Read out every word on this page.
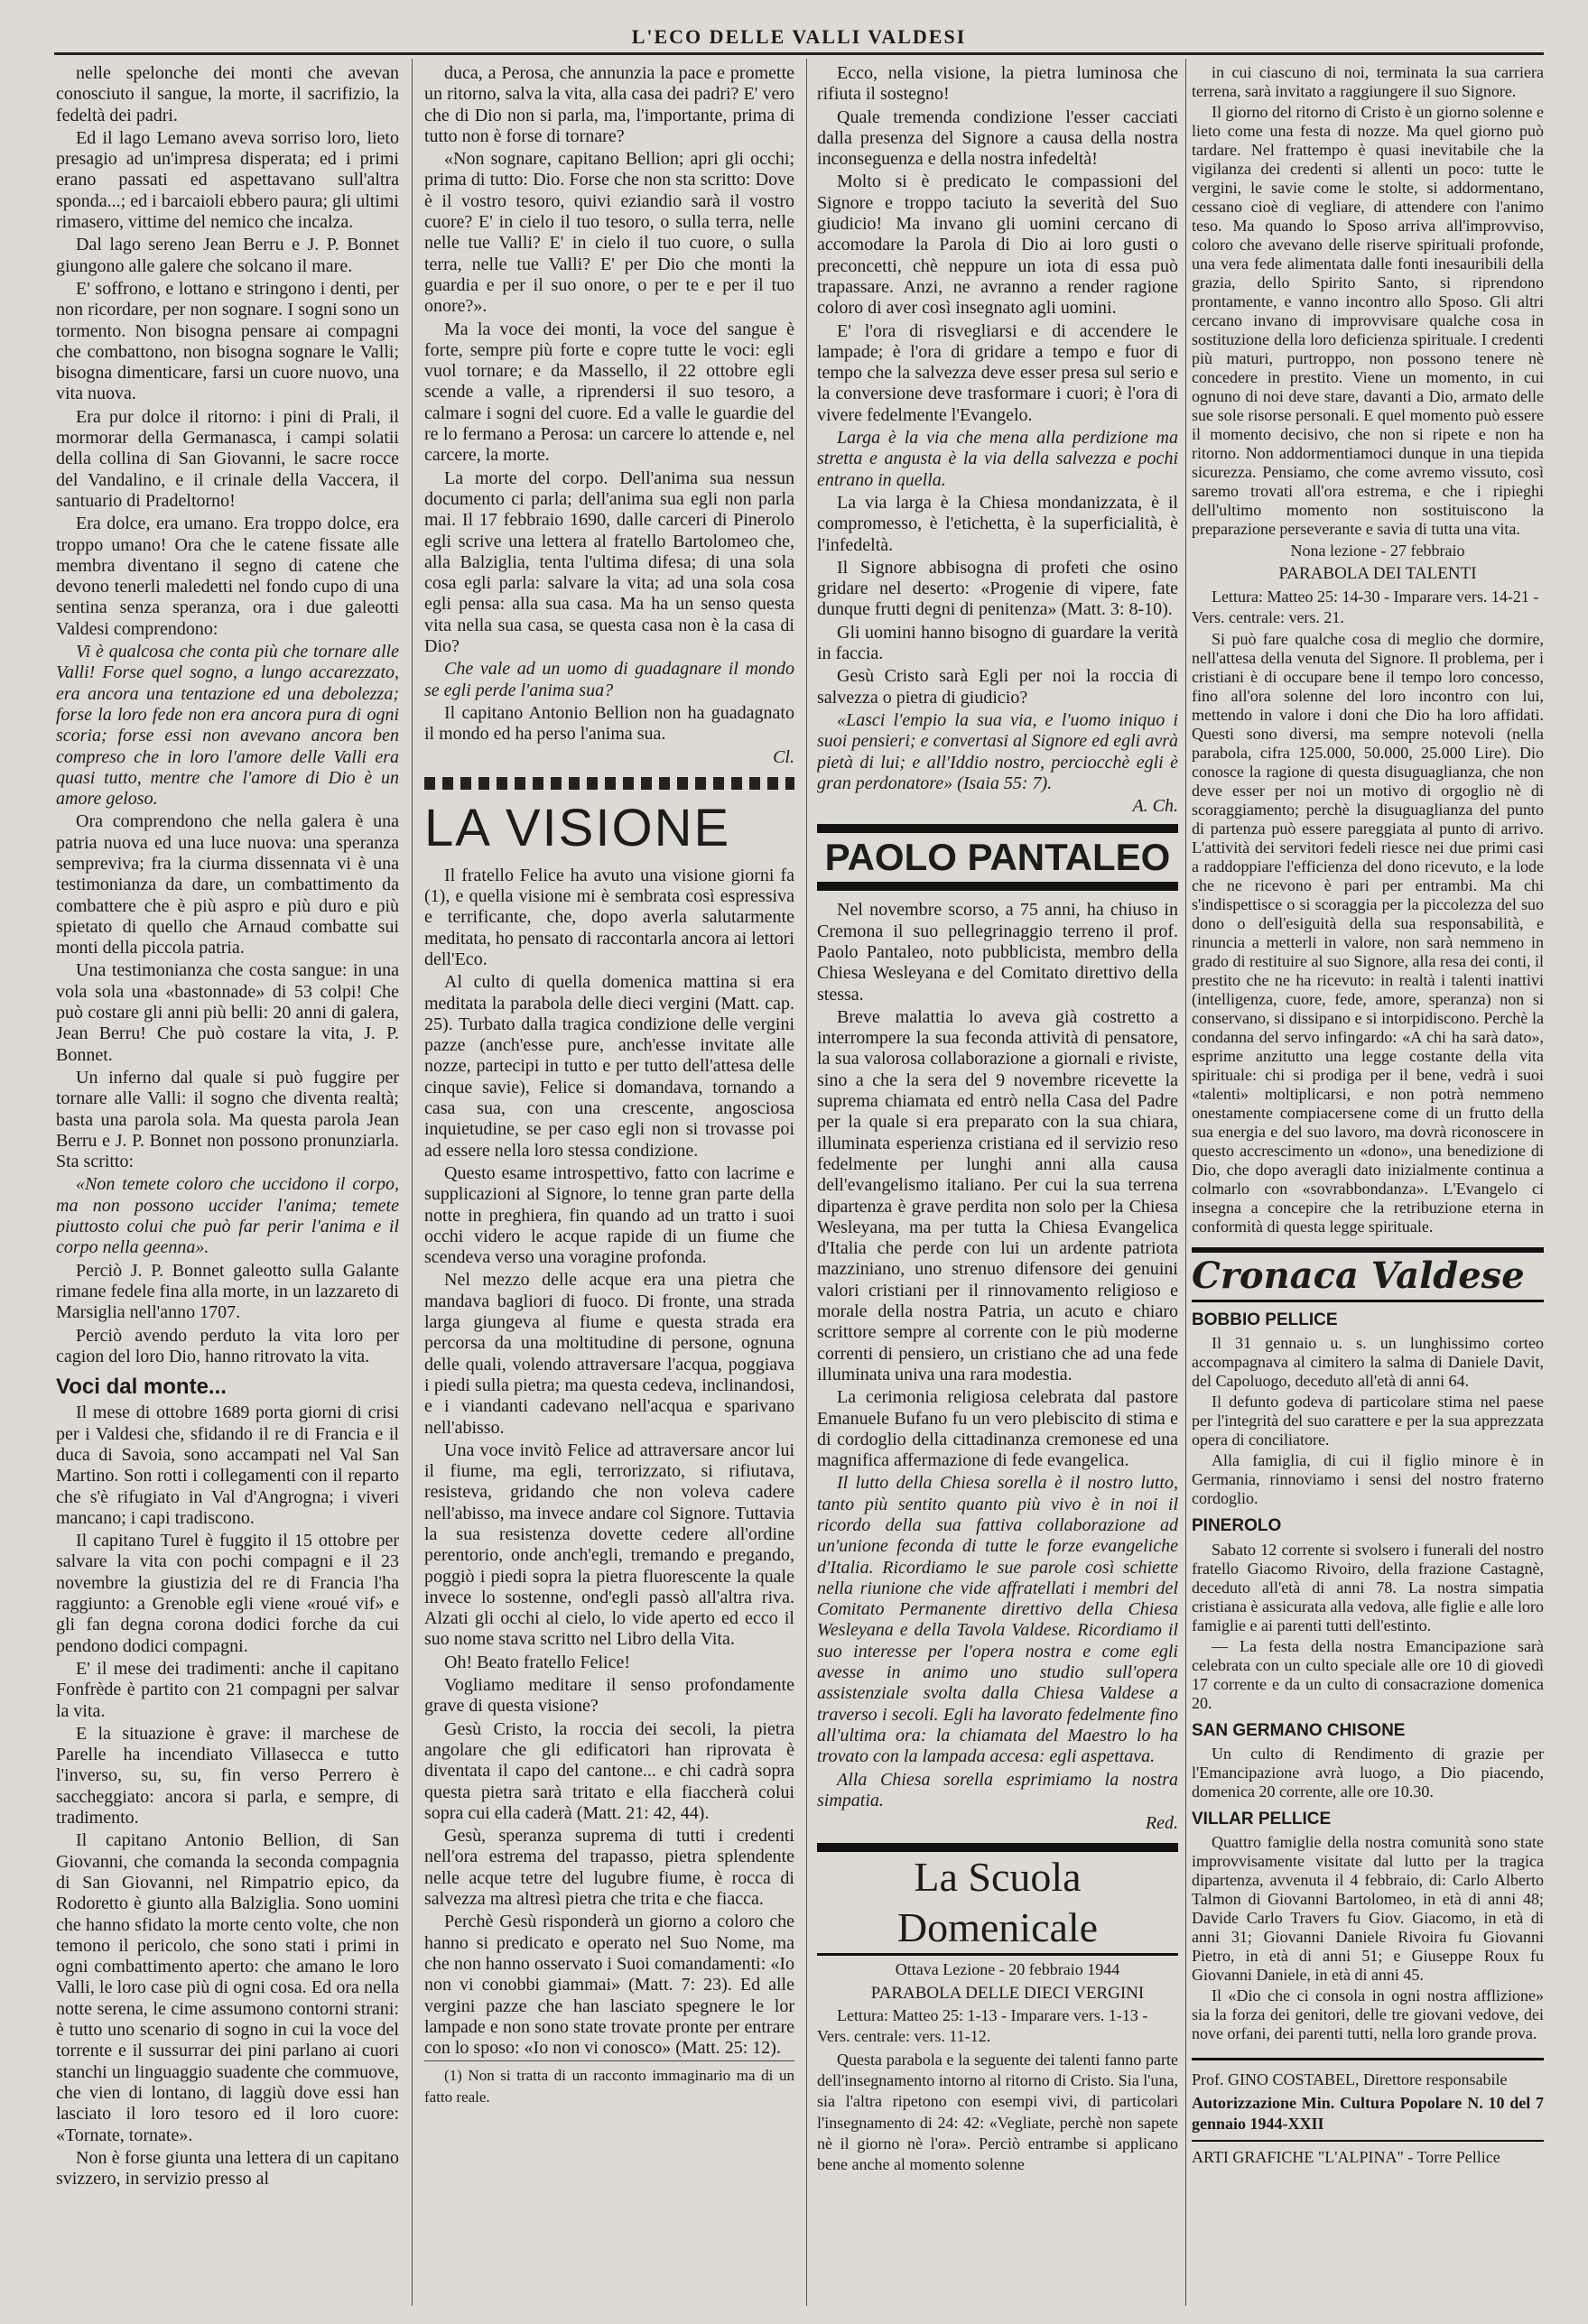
L'ECO DELLE VALLI VALDESI

nelle spelonche dei monti che avevan conosciuto il sangue, la morte, il sacrifizio, la fedeltà dei padri.

Ed il lago Lemano aveva sorriso loro, lieto presagio ad un'impresa disperata; ed i primi erano passati ed aspettavano sull'altra sponda...; ed i barcaioli ebbero paura; gli ultimi rimasero, vittime del nemico che incalza.

Dal lago sereno Jean Berru e J. P. Bonnet giungono alle galere che solcano il mare.

E' soffrono, e lottano e stringono i denti, per non ricordare, per non sognare. I sogni sono un tormento. Non bisogna pensare ai compagni che combattono, non bisogna sognare le Valli; bisogna dimenticare, farsi un cuore nuovo, una vita nuova.

Era pur dolce il ritorno: i pini di Prali, il mormorar della Germanasca, i campi solatii della collina di San Giovanni, le sacre rocce del Vandalino, e il crinale della Vaccera, il santuario di Pradeltorno!

Era dolce, era umano. Era troppo dolce, era troppo umano! Ora che le catene fissate alle membra diventano il segno di catene che devono tenerli maledetti nel fondo cupo di una sentina senza speranza, ora i due galeotti Valdesi comprendono:

Vi è qualcosa che conta più che tornare alle Valli! Forse quel sogno, a lungo accarezzato, era ancora una tentazione ed una debolezza; forse la loro fede non era ancora pura di ogni scoria; forse essi non avevano ancora ben compreso che in loro l'amore delle Valli era quasi tutto, mentre che l'amore di Dio è un amore geloso.

Ora comprendono che nella galera è una patria nuova ed una luce nuova: una speranza sempreviva; fra la ciurma dissennata vi è una testimonianza da dare, un combattimento da combattere che è più aspro e più duro e più spietato di quello che Arnaud combatte sui monti della piccola patria.

Una testimonianza che costa sangue: in una vola sola una «bastonnade» di 53 colpi! Che può costare gli anni più belli: 20 anni di galera, Jean Berru! Che può costare la vita, J. P. Bonnet.

Un inferno dal quale si può fuggire per tornare alle Valli: il sogno che diventa realtà; basta una parola sola. Ma questa parola Jean Berru e J. P. Bonnet non possono pronunziarla. Sta scritto:

«Non temete coloro che uccidono il corpo, ma non possono uccider l'anima; temete piuttosto colui che può far perir l'anima e il corpo nella geenna».

Perciò J. P. Bonnet galeotto sulla Galante rimane fedele fina alla morte, in un lazzareto di Marsiglia nell'anno 1707.

Perciò avendo perduto la vita loro per cagion del loro Dio, hanno ritrovato la vita.

Voci dal monte...

Il mese di ottobre 1689 porta giorni di crisi per i Valdesi che, sfidando il re di Francia e il duca di Savoia, sono accampati nel Val San Martino. Son rotti i collegamenti con il reparto che s'è rifugiato in Val d'Angrogna; i viveri mancano; i capi tradiscono.

Il capitano Turel è fuggito il 15 ottobre per salvare la vita con pochi compagni e il 23 novembre la giustizia del re di Francia l'ha raggiunto: a Grenoble egli viene «roué vif» e gli fan degna corona dodici forche da cui pendono dodici compagni.

E' il mese dei tradimenti: anche il capitano Fonfrède è partito con 21 compagni per salvar la vita.

E la situazione è grave: il marchese de Parelle ha incendiato Villasecca e tutto l'inverso, su, su, fin verso Perrero è saccheggiato: ancora si parla, e sempre, di tradimento.

Il capitano Antonio Bellion, di San Giovanni, che comanda la seconda compagnia di San Giovanni, nel Rimpatrio epico, da Rodoretto è giunto alla Balziglia. Sono uomini che hanno sfidato la morte cento volte, che non temono il pericolo, che sono stati i primi in ogni combattimento aperto: che amano le loro Valli, le loro case più di ogni cosa. Ed ora nella notte serena, le cime assumono contorni strani: è tutto uno scenario di sogno in cui la voce del torrente e il sussurrar dei pini parlano ai cuori stanchi un linguaggio suadente che commuove, che vien di lontano, di laggiù dove essi han lasciato il loro tesoro ed il loro cuore: «Tornate, tornate».

Non è forse giunta una lettera di un capitano svizzero, in servizio presso al

duca, a Perosa, che annunzia la pace e promette un ritorno, salva la vita, alla casa dei padri? E' vero che di Dio non si parla, ma, l'importante, prima di tutto non è forse di tornare?

«Non sognare, capitano Bellion; apri gli occhi; prima di tutto: Dio. Forse che non sta scritto: Dove è il vostro tesoro, quivi eziandio sarà il vostro cuore? E' in cielo il tuo tesoro, o sulla terra, nelle nelle tue Valli? E' in cielo il tuo cuore, o sulla terra, nelle tue Valli? E' per Dio che monti la guardia e per il suo onore, o per te e per il tuo onore?».

Ma la voce dei monti, la voce del sangue è forte, sempre più forte e copre tutte le voci: egli vuol tornare; e da Massello, il 22 ottobre egli scende a valle, a riprendersi il suo tesoro, a calmare i sogni del cuore. Ed a valle le guardie del re lo fermano a Perosa: un carcere lo attende e, nel carcere, la morte.

La morte del corpo. Dell'anima sua nessun documento ci parla; dell'anima sua egli non parla mai. Il 17 febbraio 1690, dalle carceri di Pinerolo egli scrive una lettera al fratello Bartolomeo che, alla Balziglia, tenta l'ultima difesa; di una sola cosa egli parla: salvare la vita; ad una sola cosa egli pensa: alla sua casa. Ma ha un senso questa vita nella sua casa, se questa casa non è la casa di Dio?

Che vale ad un uomo di guadagnare il mondo se egli perde l'anima sua?

Il capitano Antonio Bellion non ha guadagnato il mondo ed ha perso l'anima sua.

Cl.

LA VISIONE

Il fratello Felice ha avuto una visione giorni fa (1), e quella visione mi è sembrata così espressiva e terrificante, che, dopo averla salutarmente meditata, ho pensato di raccontarla ancora ai lettori dell'Eco.

Al culto di quella domenica mattina si era meditata la parabola delle dieci vergini (Matt. cap. 25). Turbato dalla tragica condizione delle vergini pazze (anch'esse pure, anch'esse invitate alle nozze, partecipi in tutto e per tutto dell'attesa delle cinque savie), Felice si domandava, tornando a casa sua, con una crescente, angosciosa inquietudine, se per caso egli non si trovasse poi ad essere nella loro stessa condizione.

Questo esame introspettivo, fatto con lacrime e supplicazioni al Signore, lo tenne gran parte della notte in preghiera, fin quando ad un tratto i suoi occhi videro le acque rapide di un fiume che scendeva verso una voragine profonda.

Nel mezzo delle acque era una pietra che mandava bagliori di fuoco. Di fronte, una strada larga giungeva al fiume e questa strada era percorsa da una moltitudine di persone, ognuna delle quali, volendo attraversare l'acqua, poggiava i piedi sulla pietra; ma questa cedeva, inclinandosi, e i viandanti cadevano nell'acqua e sparivano nell'abisso.

Una voce invitò Felice ad attraversare ancor lui il fiume, ma egli, terrorizzato, si rifiutava, resisteva, gridando che non voleva cadere nell'abisso, ma invece andare col Signore. Tuttavia la sua resistenza dovette cedere all'ordine perentorio, onde anch'egli, tremando e pregando, poggiò i piedi sopra la pietra fluorescente la quale invece lo sostenne, ond'egli passò all'altra riva. Alzati gli occhi al cielo, lo vide aperto ed ecco il suo nome stava scritto nel Libro della Vita.

Oh! Beato fratello Felice!

Vogliamo meditare il senso profondamente grave di questa visione?

Gesù Cristo, la roccia dei secoli, la pietra angolare che gli edificatori han riprovata è diventata il capo del cantone... e chi cadrà sopra questa pietra sarà tritato e ella fiaccherà colui sopra cui ella caderà (Matt. 21: 42, 44).

Gesù, speranza suprema di tutti i credenti nell'ora estrema del trapasso, pietra splendente nelle acque tetre del lugubre fiume, è rocca di salvezza ma altresì pietra che trita e che fiacca.

Perchè Gesù risponderà un giorno a coloro che hanno si predicato e operato nel Suo Nome, ma che non hanno osservato i Suoi comandamenti: «Io non vi conobbi giammai» (Matt. 7: 23). Ed alle vergini pazze che han lasciato spegnere le lor lampade e non sono state trovate pronte per entrare con lo sposo: «Io non vi conosco» (Matt. 25: 12).

(1) Non si tratta di un racconto immaginario ma di un fatto reale.

Ecco, nella visione, la pietra luminosa che rifiuta il sostegno!

Quale tremenda condizione l'esser cacciati dalla presenza del Signore a causa della nostra inconseguenza e della nostra infedeltà!

Molto si è predicato le compassioni del Signore e troppo taciuto la severità del Suo giudicio! Ma invano gli uomini cercano di accomodare la Parola di Dio ai loro gusti o preconcetti, chè neppure un iota di essa può trapassare. Anzi, ne avranno a render ragione coloro di aver così insegnato agli uomini.

E' l'ora di risvegliarsi e di accendere le lampade; è l'ora di gridare a tempo e fuor di tempo che la salvezza deve esser presa sul serio e la conversione deve trasformare i cuori; è l'ora di vivere fedelmente l'Evangelo.

Larga è la via che mena alla perdizione ma stretta e angusta è la via della salvezza e pochi entrano in quella.

La via larga è la Chiesa mondanizzata, è il compromesso, è l'etichetta, è la superficialità, è l'infedeltà.

Il Signore abbisogna di profeti che osino gridare nel deserto: «Progenie di vipere, fate dunque frutti degni di penitenza» (Matt. 3: 8-10).

Gli uomini hanno bisogno di guardare la verità in faccia.

Gesù Cristo sarà Egli per noi la roccia di salvezza o pietra di giudicio?

«Lasci l'empio la sua via, e l'uomo iniquo i suoi pensieri; e convertasi al Signore ed egli avrà pietà di lui; e all'Iddio nostro, perciocchè egli è gran perdonatore» (Isaia 55: 7).

A. Ch.

PAOLO PANTALEO

Nel novembre scorso, a 75 anni, ha chiuso in Cremona il suo pellegrinaggio terreno il prof. Paolo Pantaleo, noto pubblicista, membro della Chiesa Wesleyana e del Comitato direttivo della stessa.

Breve malattia lo aveva già costretto a interrompere la sua feconda attività di pensatore, la sua valorosa collaborazione a giornali e riviste, sino a che la sera del 9 novembre ricevette la suprema chiamata ed entrò nella Casa del Padre per la quale si era preparato con la sua chiara, illuminata esperienza cristiana ed il servizio reso fedelmente per lunghi anni alla causa dell'evangelismo italiano. Per cui la sua terrena dipartenza è grave perdita non solo per la Chiesa Wesleyana, ma per tutta la Chiesa Evangelica d'Italia che perde con lui un ardente patriota mazziniano, uno strenuo difensore dei genuini valori cristiani per il rinnovamento religioso e morale della nostra Patria, un acuto e chiaro scrittore sempre al corrente con le più moderne correnti di pensiero, un cristiano che ad una fede illuminata univa una rara modestia.

La cerimonia religiosa celebrata dal pastore Emanuele Bufano fu un vero plebiscito di stima e di cordoglio della cittadinanza cremonese ed una magnifica affermazione di fede evangelica.

Il lutto della Chiesa sorella è il nostro lutto, tanto più sentito quanto più vivo è in noi il ricordo della sua fattiva collaborazione ad un'unione feconda di tutte le forze evangeliche d'Italia. Ricordiamo le sue parole così schiette nella riunione che vide affratellati i membri del Comitato Permanente direttivo della Chiesa Wesleyana e della Tavola Valdese. Ricordiamo il suo interesse per l'opera nostra e come egli avesse in animo uno studio sull'opera assistenziale svolta dalla Chiesa Valdese a traverso i secoli. Egli ha lavorato fedelmente fino all'ultima ora: la chiamata del Maestro lo ha trovato con la lampada accesa: egli aspettava.

Alla Chiesa sorella esprimiamo la nostra simpatia.

Red.

La Scuola Domenicale

Ottava Lezione - 20 febbraio 1944

PARABOLA DELLE DIECI VERGINI

Lettura: Matteo 25: 1-13 - Imparare vers. 1-13 - Vers. centrale: vers. 11-12.

Questa parabola e la seguente dei talenti fanno parte dell'insegnamento intorno al ritorno di Cristo. Sia l'una, sia l'altra ripetono con esempi vivi, di particolari l'insegnamento di 24: 42: «Vegliate, perchè non sapete nè il giorno nè l'ora». Perciò entrambe si applicano bene anche al momento solenne

in cui ciascuno di noi, terminata la sua carriera terrena, sarà invitato a raggiungere il suo Signore.

Il giorno del ritorno di Cristo è un giorno solenne e lieto come una festa di nozze. Ma quel giorno può tardare. Nel frattempo è quasi inevitabile che la vigilanza dei credenti si allenti un poco: tutte le vergini, le savie come le stolte, si addormentano, cessano cioè di vegliare, di attendere con l'animo teso. Ma quando lo Sposo arriva all'improvviso, coloro che avevano delle riserve spirituali profonde, una vera fede alimentata dalle fonti inesauribili della grazia, dello Spirito Santo, si riprendono prontamente, e vanno incontro allo Sposo. Gli altri cercano invano di improvvisare qualche cosa in sostituzione della loro deficienza spirituale. I credenti più maturi, purtroppo, non possono tenere nè concedere in prestito. Viene un momento, in cui ognuno di noi deve stare, davanti a Dio, armato delle sue sole risorse personali. E quel momento può essere il momento decisivo, che non si ripete e non ha ritorno. Non addormentiamoci dunque in una tiepida sicurezza. Pensiamo, che come avremo vissuto, così saremo trovati all'ora estrema, e che i ripieghi dell'ultimo momento non sostituiscono la preparazione perseverante e savia di tutta una vita.

Nona lezione - 27 febbraio

PARABOLA DEI TALENTI

Lettura: Matteo 25: 14-30 - Imparare vers. 14-21 - Vers. centrale: vers. 21.

Si può fare qualche cosa di meglio che dormire, nell'attesa della venuta del Signore. Il problema, per i cristiani è di occupare bene il tempo loro concesso, fino all'ora solenne del loro incontro con lui, mettendo in valore i doni che Dio ha loro affidati. Questi sono diversi, ma sempre notevoli (nella parabola, cifra 125.000, 50.000, 25.000 Lire). Dio conosce la ragione di questa disuguaglianza, che non deve esser per noi un motivo di orgoglio nè di scoraggiamento; perchè la disuguaglianza del punto di partenza può essere pareggiata al punto di arrivo. L'attività dei servitori fedeli riesce nei due primi casi a raddoppiare l'efficienza del dono ricevuto, e la lode che ne ricevono è pari per entrambi. Ma chi s'indispettisce o si scoraggia per la piccolezza del suo dono o dell'esiguità della sua responsabilità, e rinuncia a metterli in valore, non sarà nemmeno in grado di restituire al suo Signore, alla resa dei conti, il prestito che ne ha ricevuto: in realtà i talenti inattivi (intelligenza, cuore, fede, amore, speranza) non si conservano, si dissipano e si intorpidiscono. Perchè la condanna del servo infingardo: «A chi ha sarà dato», esprime anzitutto una legge costante della vita spirituale: chi si prodiga per il bene, vedrà i suoi «talenti» moltiplicarsi, e non potrà nemmeno onestamente compiacersene come di un frutto della sua energia e del suo lavoro, ma dovrà riconoscere in questo accrescimento un «dono», una benedizione di Dio, che dopo averagli dato inizialmente continua a colmarlo con «sovrabbondanza». L'Evangelo ci insegna a concepire che la retribuzione eterna in conformità di questa legge spirituale.

Cronaca Valdese
BOBBIO PELLICE

Il 31 gennaio u. s. un lunghissimo corteo accompagnava al cimitero la salma di Daniele Davit, del Capoluogo, deceduto all'età di anni 64.

Il defunto godeva di particolare stima nel paese per l'integrità del suo carattere e per la sua apprezzata opera di conciliatore.

Alla famiglia, di cui il figlio minore è in Germania, rinnoviamo i sensi del nostro fraterno cordoglio.

PINEROLO

Sabato 12 corrente si svolsero i funerali del nostro fratello Giacomo Rivoiro, della frazione Castagnè, deceduto all'età di anni 78. La nostra simpatia cristiana è assicurata alla vedova, alle figlie e alle loro famiglie e ai parenti tutti dell'estinto.

— La festa della nostra Emancipazione sarà celebrata con un culto speciale alle ore 10 di giovedì 17 corrente e da un culto di consacrazione domenica 20.

SAN GERMANO CHISONE

Un culto di Rendimento di grazie per l'Emancipazione avrà luogo, a Dio piacendo, domenica 20 corrente, alle ore 10.30.

VILLAR PELLICE

Quattro famiglie della nostra comunità sono state improvvisamente visitate dal lutto per la tragica dipartenza, avvenuta il 4 febbraio, di: Carlo Alberto Talmon di Giovanni Bartolomeo, in età di anni 48; Davide Carlo Travers fu Giov. Giacomo, in età di anni 31; Giovanni Daniele Rivoira fu Giovanni Pietro, in età di anni 51; e Giuseppe Roux fu Giovanni Daniele, in età di anni 45.

Il «Dio che ci consola in ogni nostra afflizione» sia la forza dei genitori, delle tre giovani vedove, dei nove orfani, dei parenti tutti, nella loro grande prova.

Prof. GINO COSTABEL, Direttore responsabile
Autorizzazione Min. Cultura Popolare N. 10 del 7 gennaio 1944-XXII
ARTI GRAFICHE "L'ALPINA" - Torre Pellice
